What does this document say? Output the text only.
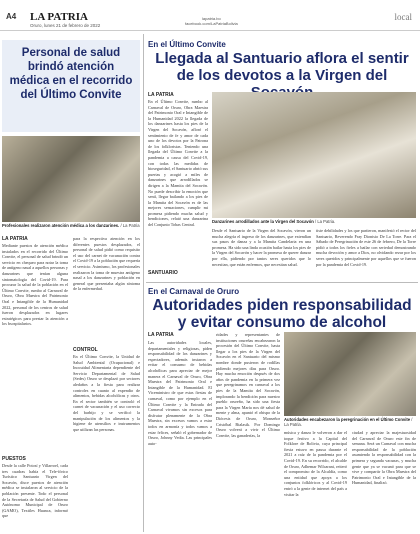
A4 LA PATRIA
Oruro, lunes 21 de febrero de 2022
lapatria.bo
facebook.com/LaPatriaBolivia
local
Personal de salud brindó atención médica en el recorrido del Último Convite
Profesionales realizaron atención médica a los danzarines. / La Patria
LA PATRIA
Mediante puestos de atención médica instalados en el recorrido del Último Convite, el personal de salud brindó un servicio en chequeo para notar la toma de antígeno nasal a aquellos personas y danzarines que tenían alguna sintomatología del Covid-19. Para procurar la salud de la población en el Último Convite, rumbo al Carnaval de Oruro, Obra Maestra del Patrimonio Oral e Intangible de la Humanidad 2022, personal de los centros de salud fueron desplazados en lugares estratégicos para prestar la atención a los bsospitalarios.
PUESTOS
Desde la calle Potosí y Villarroel, cada tres cuadras había el Tele-fórico Turístico Santuario Virgen del Socavón, disce puestos de atención médica se instalaron al servicio de la población presente. Todo el personal de la Secretaría de Salud del Gobierno Autónomo Municipal de Oruro (GAMO), Textiles Huanca, informó que
para la respectiva atención en los diferentes puestos desplazados, el personal de salud pidió como requisito el uso del carnet de vacunación contra el Covid-19 a la población que requería el servicio. Asimismo, los profesionales realizaron la toma de muestra antígeno nasal a los danzarines y población en general que presentaba algún síntoma de la enfermedad.
CONTROL
En el Último Convite, la Unidad de Salud Ambiental (Ocupacional) e Inocuidad Alimentaria dependiente del Servicio Departamental de Salud (Sedes) Oruro se desplazó por sectores aledaños a la fiesta para realizar controles en cuanto al expendio de alimentos, bebidas alcohólicas y otros. En el sector también se controló el carnet de vacunación y el uso correcto del barbijo y se verificó la manipulación de los alimentos y la higiene de utensilios e instrumentos que utilizan las personas.
En el Último Convite
Llegada al Santuario aflora el sentir de los devotos a la Virgen del
LA PATRIA
En el Último Convite, rumbo al Carnaval de Oruro, Obra Maestra del Patrimonio Oral e Intangible de la Humanidad 2022 la llegada de los danzarines hasta los pies de la Virgen del Socavón, afloró el sentimiento de fe y amor de cada uno de los devotos por la Patrona de los folkloristas. Teniendo una llegada del Último Convite a la pandemia a causa del Covid-19, con todas las medidas de bioseguridad, el Santuario abrió sus puertas y acogió a miles de danzarines que arrodillados se dirigen a la Mamita del Socavón. No puede describir la emoción que sentí, llegar bailando a los pies de la Mamita del Socavón es de las mejores sensaciones, cumplir mi promesa pidiendo mucha salud y bendiciones, relató una danzarina del Conjunto Tobas Central.
Danzarines arrodillados ante la Virgen del Socavón / La Patria.
Desde el Santuario de la Virgen del Socavón, vieron un mucha alegría el ingreso de los danzarines, que extendían sus pasos de danza y a la Mamita Candelaria en una promesa. Ha sido una linda ocasión bailar hasta los pies de la Virgen del Socavón y hacer la promesa de querer danzar por ella, pidiendo por tantos seres queridos que lo necesitan, que están enfermos, que necesitan salud.
tiste debilidades y los que partieron, manifestó el rector del Santuario, Reverendo Fray Dionisio De La Torre. Para el Sábado de Peregrinación de este 26 de febrero, De la Torre pidió a todos los fieles a bailar con seriedad demostrando mucha devoción y amor a Dios, no olvidando rezar por los seres queridos y principalmente por aquellos que se fueron por la pandemia del Covid-19.
SANTUARIO
En el Carnaval de Oruro
Autoridades piden responsabilidad y evitar consumo de alcohol
LA PATRIA
Las autoridades locales, departamentales y religiosas, piden responsabilidad de los danzarines y espectadores, además instaron a evitar el consumo de bebidas alcohólicas para apreciar de mejor manera el Carnaval de Oruro, Obra Maestra del Patrimonio Oral e Intangible de la Humanidad. El Viceministro de que estas fiestas de carnaval, como por ejemplo en el Último Convite y la Entrada del Carnaval vivamos sin excesos para disfrutar plenamente de la Obra Maestra, sin excesos vamos a estar todos en armonía y todos vamos a estar felices, señaló el gobernador de Oruro, Johnny Vedia. Las principales auto-
ridades y representantes de instituciones orureñas encabezaron la procesión del Último Convite, hasta llegar a los pies de la Virgen del Socavón en el Santuario del mismo nombre donde pusieron de rodillas pidiendo mejores días para Oruro. Hay mucha emoción después de dos años de pandemia en la primera vez que peregrinamos en carnaval a los pies de la Mamita del Socavón, implorando la bendición para nuestro pueblo orureño, ha sido una fiesta para la Virgen María nos dé salud de mente y alma, apuntó el obispo de la Diócesis de Oruro, Monseñor Cristóbal Bialasik. Por Domingo Oruro volverá a vivir el Último Convite, las ganaderías, la
Autoridades encabezaron la peregrinación en el Último Convite / La Patria.
música y danza le volveron a dar el toque festivo a la Capital del Folklore de Bolivia, cuya principal fiesta estuvo en pausa durante el 2021 a raíz de la pandemia por el Covid-19. En su recorrido, el alcalde de Oruro, Adhemar Wilcarani, reiteró el compromiso de la Alcaldía, como una entidad que apoya a los conjuntos folklóricos y al Covid-19 entró a la gente de internet del país a visitar la
ciudad y apreciar la majestuosidad del Carnaval de Oruro este fin de semana. Será un Carnaval con mucha responsabilidad de la población asumiendo la responsabilidad con la primera y segunda vacunas, y mucha gente que ya se vacunó para que se vive y compartir la Obra Maestra del Patrimonio Oral e Intangible de la Humanidad, finalizó.
